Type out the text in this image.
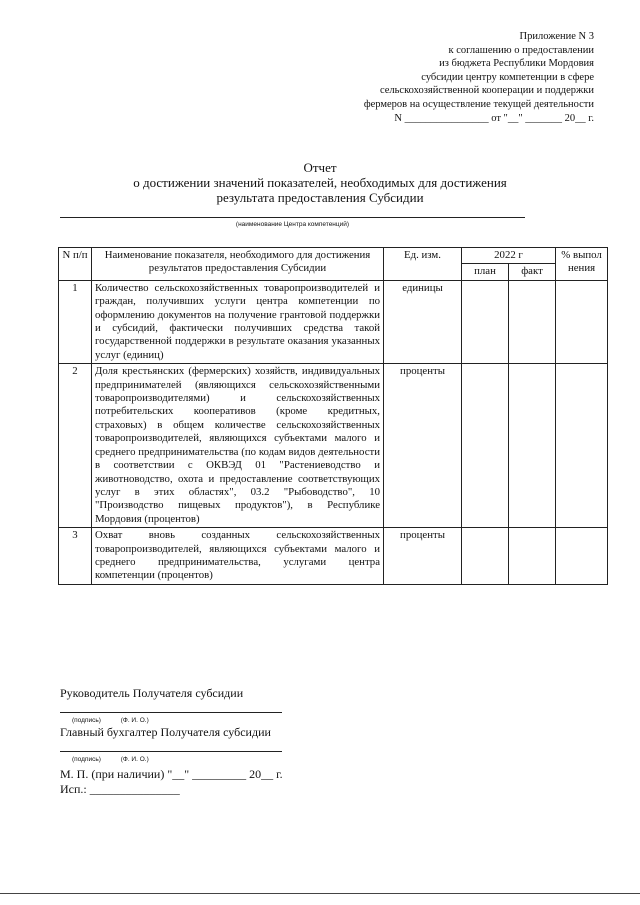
Приложение N 3
к соглашению о предоставлении
из бюджета Республики Мордовия
субсидии центру компетенции в сфере
сельскохозяйственной кооперации и поддержки
фермеров на осуществление текущей деятельности
N ________________ от "__" _______ 20__ г.
Отчет
о достижении значений показателей, необходимых для достижения
результата предоставления Субсидии
(наименование Центра компетенций)
N п/п	Наименование показателя, необходимого для достижения результатов предоставления Субсидии	Ед. изм.	2022 г		% выпол нения
			план	факт	
1	Количество сельскохозяйственных товаропроизводителей и граждан, получивших услуги центра компетенции по оформлению документов на получение грантовой поддержки и субсидий, фактически получивших средства такой государственной поддержки в результате оказания указанных услуг (единиц)	единицы			
2	Доля крестьянских (фермерских) хозяйств, индивидуальных предпринимателей (являющихся сельскохозяйственными товаропроизводителями) и сельскохозяйственных потребительских кооперативов (кроме кредитных, страховых) в общем количестве сельскохозяйственных товаропроизводителей, являющихся субъектами малого и среднего предпринимательства (по кодам видов деятельности в соответствии с ОКВЭД 01 "Растениеводство и животноводство, охота и предоставление соответствующих услуг в этих областях", 03.2 "Рыбоводство", 10 "Производство пищевых продуктов"), в Республике Мордовия (процентов)	проценты			
3	Охват вновь созданных сельскохозяйственных товаропроизводителей, являющихся субъектами малого и среднего предпринимательства, услугами центра компетенции (процентов)	проценты			
Руководитель Получателя субсидии
(подпись)	(Ф. И. О.)
Главный бухгалтер Получателя субсидии
(подпись)	(Ф. И. О.)
М. П. (при наличии) "__" _________ 20__ г.
Исп.: _______________
